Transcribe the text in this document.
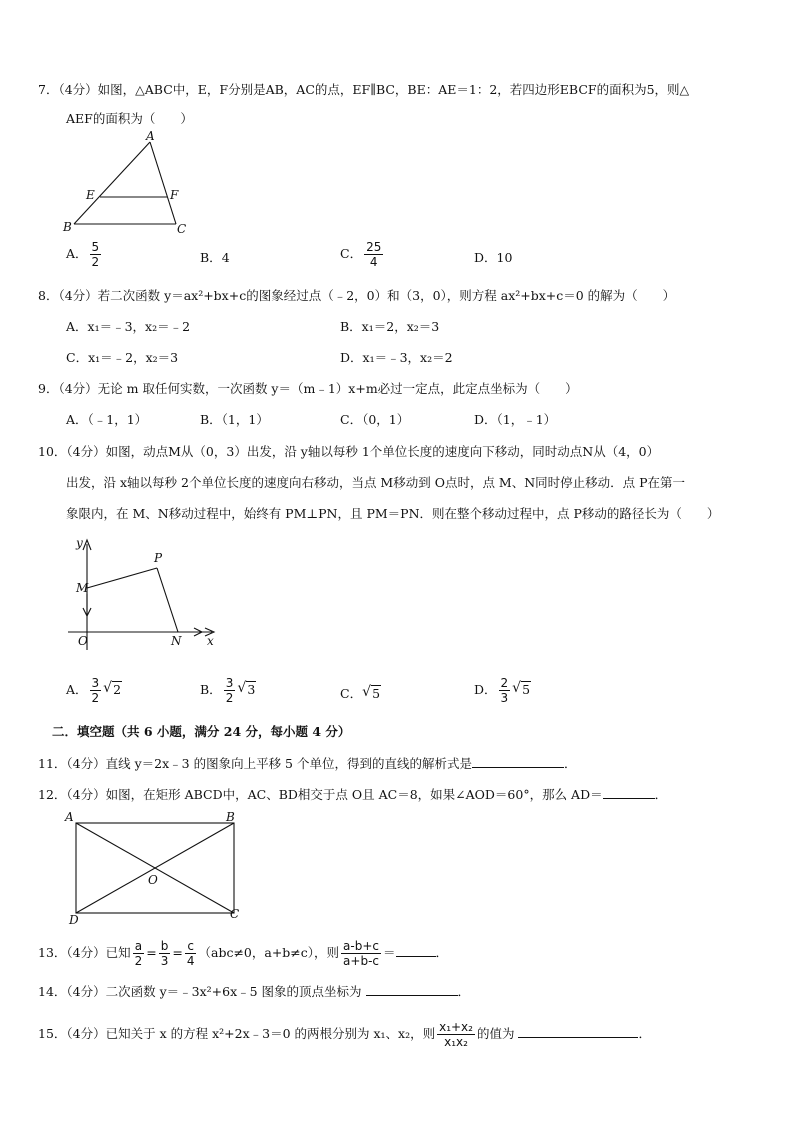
7．（4分）如图，△ABC中，E，F分别是AB，AC的点，EF∥BC，BE：AE＝1：2，若四边形EBCF的面积为5，则△
AEF的面积为（　　）
A
E	F
B	C
A． $\frac{5}{2}$	B．4	C． $\frac{25}{4}$	D．10
8．（4分）若二次函数 y＝ax²+bx+c的图象经过点（﹣2，0）和（3，0），则方程 ax²+bx+c＝0 的解为（　　）
A．x₁＝﹣3，x₂＝﹣2	B．x₁＝2，x₂＝3
C．x₁＝﹣2，x₂＝3	D．x₁＝﹣3，x₂＝2
9．（4分）无论 m 取任何实数，一次函数 y＝（m﹣1）x+m必过一定点，此定点坐标为（　　）
A．（﹣1，1）	B．（1，1）	C．（0，1）	D．（1，﹣1）
10．（4分）如图，动点M从（0，3）出发，沿 y轴以每秒 1个单位长度的速度向下移动，同时动点N从（4，0）
出发，沿 x轴以每秒 2个单位长度的速度向右移动，当点 M移动到 O点时，点 M、N同时停止移动．点 P在第一
象限内，在 M、N移动过程中，始终有 PM⊥PN，且 PM＝PN．则在整个移动过程中，点 P移动的路径长为（　　）
y
P
M
O	N x
A． $\frac{3}{2}$ √ 2	B． $\frac{3}{2}$ √ 3	C． √ 5	D． $\frac{2}{3}$ √ 5
二．填空题（共 6 小题，满分 24 分，每小题 4 分）
11．（4分）直线 y＝2x﹣3 的图象向上平移 5 个单位，得到的直线的解析式是	．
12．（4分）如图，在矩形 ABCD中，AC、BD相交于点 O且 AC＝8，如果∠AOD＝60°，那么 AD＝	．
A	B
O
D	C
13．（4分）已知 $\frac{a}{2} = \frac{b}{3} = \frac{c}{4} (abc\ne 0$，a+b≠c），则 $\frac{a-b+c}{a+b-c}$ ＝	．
14．（4分）二次函数 y＝﹣3x²+6x﹣5 图象的顶点坐标为	．
15．（4分）已知关于 x 的方程 x²+2x﹣3＝0 的两根分别为 x₁、x₂，则 $\frac{\text{x₁+x₂}}{\text{x₁x₂}}$ 的值为	．
